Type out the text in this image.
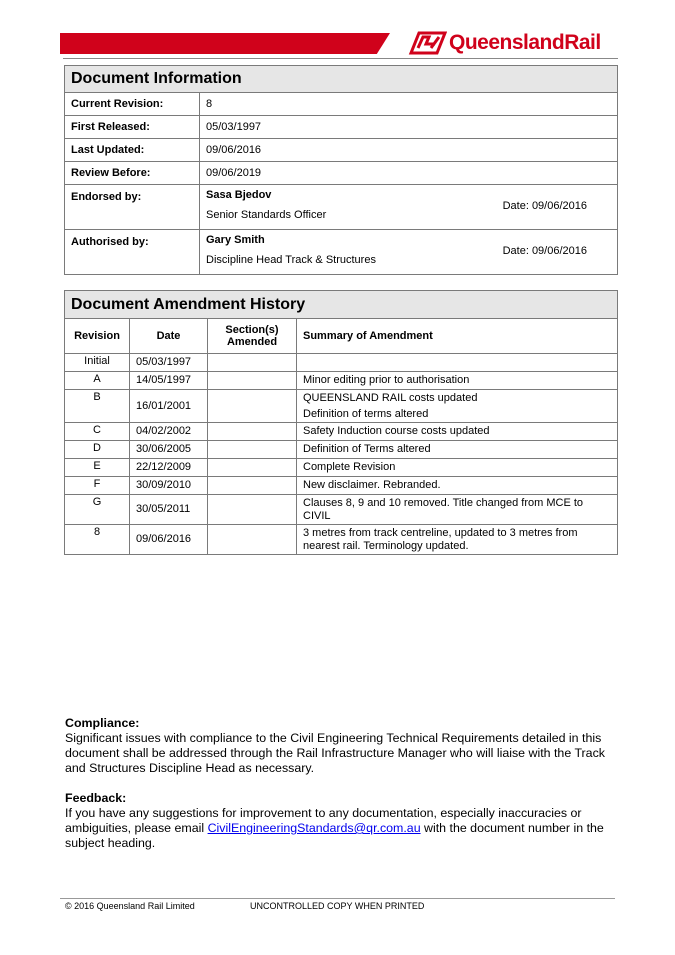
QueenslandRail
Document Information	
Current Revision:	8
First Released:	05/03/1997
Last Updated:	09/06/2016
Review Before:	09/06/2019
Endorsed by:	Sasa Bjedov
Senior Standards Officer
Date: 09/06/2016

Authorised by:	Gary Smith
Discipline Head Track & Structures
Date: 09/06/2016
Document Amendment History			
Revision	Date	Section(s) Amended	Summary of Amendment
Initial	05/03/1997		
A	14/05/1997		Minor editing prior to authorisation
B	16/01/2001		QUEENSLAND RAIL costs updated
Definition of terms altered

C	04/02/2002		Safety Induction course costs updated
D	30/06/2005		Definition of Terms altered
E	22/12/2009		Complete Revision
F	30/09/2010		New disclaimer. Rebranded.
G	30/05/2011		Clauses 8, 9 and 10 removed. Title changed from MCE to CIVIL
8	09/06/2016		3 metres from track centreline, updated to 3 metres from nearest rail. Terminology updated.
Compliance:

Significant issues with compliance to the Civil Engineering Technical Requirements detailed in this document shall be addressed through the Rail Infrastructure Manager who will liaise with the Track and Structures Discipline Head as necessary.

Feedback:

If you have any suggestions for improvement to any documentation, especially inaccuracies or ambiguities, please email CivilEngineeringStandards@qr.com.au with the document number in the subject heading.

© 2016 Queensland Rail Limited	UNCONTROLLED COPY WHEN PRINTED
